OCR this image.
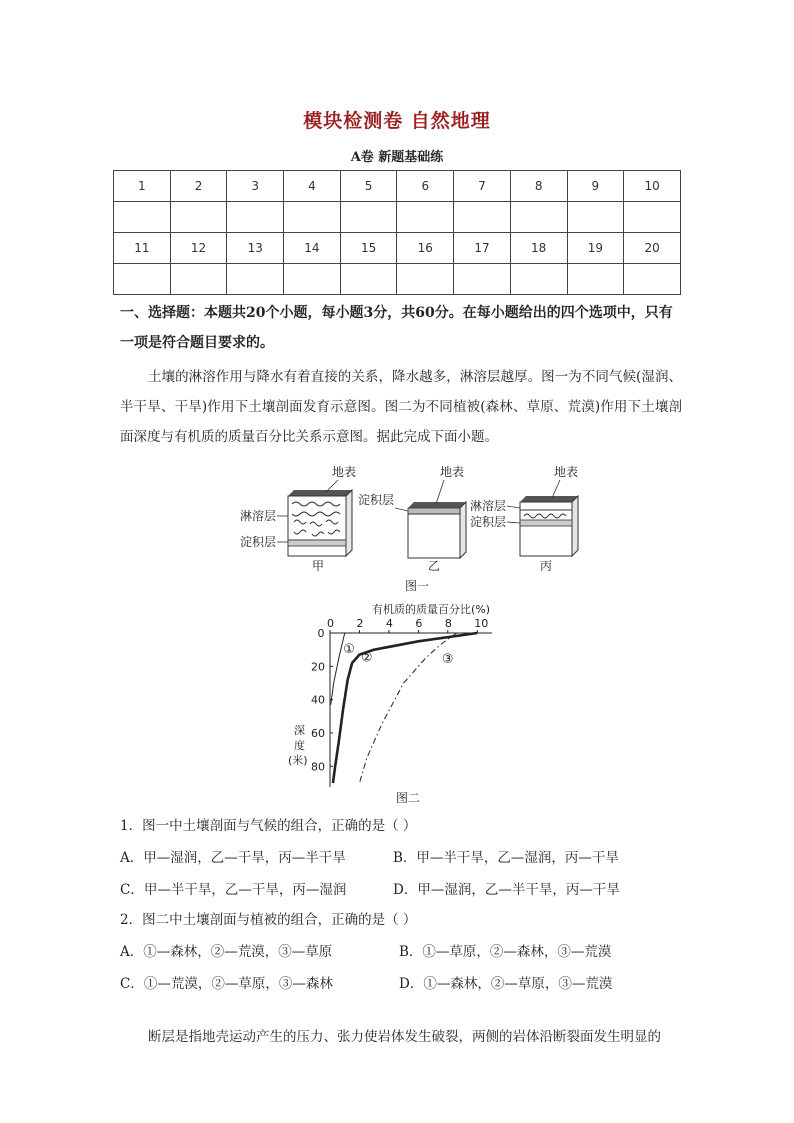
模块检测卷 自然地理
A卷 新题基础练
1	2	3	4	5	6	7	8	9	10

11	12	13	14	15	16	17	18	19	20

一、选择题：本题共20个小题，每小题3分，共60分。在每小题给出的四个选项中，只有一项是符合题目要求的。
土壤的淋溶作用与降水有着直接的关系，降水越多，淋溶层越厚。图一为不同气候(湿润、半干旱、干旱)作用下土壤剖面发育示意图。图二为不同植被(森林、草原、荒漠)作用下土壤剖面深度与有机质的质量百分比关系示意图。据此完成下面小题。
地表	地表	地表
淋溶层
淀积层
淀积层	淋溶层
淀积层
甲	乙	丙
图一
有机质的质量百分比(%)
0 2 4 6 8 10
0
20
40
60
80
①
②	③
深
度
(米)
图二
1．图一中土壤剖面与气候的组合，正确的是（ ）
A．甲—湿润，乙—干旱，丙—半干旱	B．甲—半干旱，乙—湿润，丙—干旱
C．甲—半干旱，乙—干旱，丙—湿润	D．甲—湿润，乙—半干旱，丙—干旱
2．图二中土壤剖面与植被的组合，正确的是（ ）
A．①—森林，②—荒漠，③—草原	B．①—草原，②—森林，③—荒漠
C．①—荒漠，②—草原，③—森林	D．①—森林，②—草原，③—荒漠
断层是指地壳运动产生的压力、张力使岩体发生破裂，两侧的岩体沿断裂面发生明显的
